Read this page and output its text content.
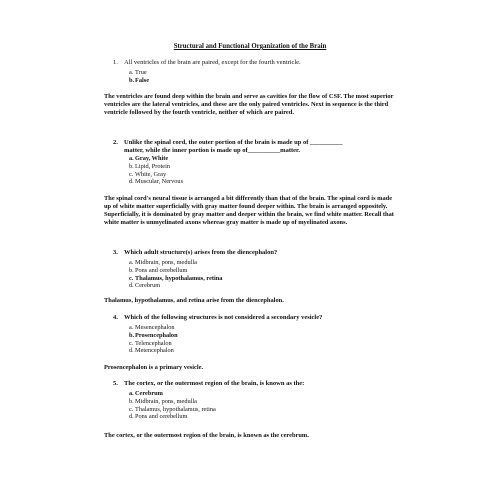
Structural and Functional Organization of the Brain
1. All ventricles of the brain are paired, except for the fourth ventricle.
a. True
b. False
The ventricles are found deep within the brain and serve as cavities for the flow of CSF. The most superior ventricles are the lateral ventricles, and these are the only paired ventricles. Next in sequence is the third ventricle followed by the fourth ventricle, neither of which are paired.
2. Unlike the spinal cord, the outer portion of the brain is made up of __________
matter, while the inner portion is made up of__________matter.
a. Gray, White
b. Lipid, Protein
c. White, Gray
d. Muscular, Nervous
The spinal cord's neural tissue is arranged a bit differently than that of the brain. The spinal cord is made up of white matter superficially with gray matter found deeper within. The brain is arranged oppositely. Superficially, it is dominated by gray matter and deeper within the brain, we find white matter. Recall that white matter is unmyelinated axons whereas gray matter is made up of myelinated axons.
3. Which adult structure(s) arises from the diencephalon?
a. Midbrain, pons, medulla
b. Pons and cerebellum
c. Thalamus, hypothalamus, retina
d. Cerebrum
Thalamus, hypothalamus, and retina arise from the diencephalon.
4. Which of the following structures is not considered a secondary vesicle?
a. Mesencephalon
b. Prosencephalon
c. Telencephalon
d. Metencephalon
Prosencephalon is a primary vesicle.
5. The cortex, or the outermost region of the brain, is known as the:
a. Cerebrum
b. Midbrain, pons, medulla
c. Thalamus, hypothalamus, retina
d. Pons and cerebellum
The cortex, or the outermost region of the brain, is known as the cerebrum.
